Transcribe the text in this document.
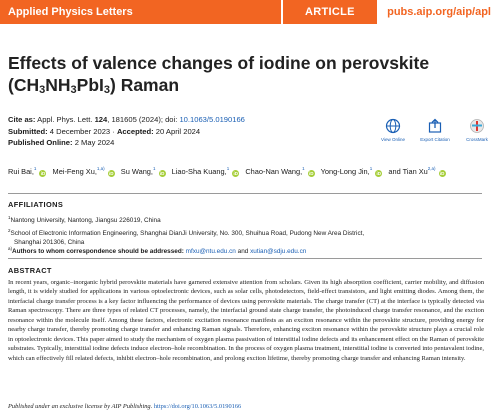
Applied Physics Letters	ARTICLE	pubs.aip.org/aip/apl
Effects of valence changes of iodine on perovskite
$(CH_3NH_3PbI_3)$ Raman
Cite as: Appl. Phys. Lett. 124, 181605 (2024); doi: 10.1063/5.0190166
Submitted: 4 December 2023 · Accepted: 20 April 2024
Published Online: 2 May 2024	View Online	Export Citation	CrossMark
Rui Bai,$^1$ iD Mei-Feng Xu,$^{1,a)}$ iD Su Wang,$^1$ iD Liao-Sha Kuang,$^1$ iD Chao-Nan Wang,$^1$ iD Yong-Long Jin,$^1$ iD and Tian Xu$^{2,a)}$ iD
AFFILIATIONS
$^1$Nantong University, Nantong, Jiangsu 226019, China
$^2$School of Electronic Information Engineering, Shanghai DianJi University, No. 300, Shuihua Road, Pudong New Area District,
Shanghai 201306, China
$^{a)}$Authors to whom correspondence should be addressed: mfxu@ntu.edu.cn and xutian@sdju.edu.cn
ABSTRACT

In recent years, organic–inorganic hybrid perovskite materials have garnered extensive attention from scholars. Given its high absorption coefficient, carrier mobility, and diffusion length, it is widely studied for applications in various optoelectronic devices, such as solar cells, photodetectors, field-effect transistors, and light emitting diodes. Among them, the interfacial charge transfer process is a key factor influencing the performance of devices using perovskite materials. The charge transfer (CT) at the interface is typically detected via Raman spectroscopy. There are three types of related CT processes, namely, the interfacial ground state charge transfer, the photoinduced charge transfer resonance, and the exciton resonance within the molecule itself. Among these factors, electronic excitation resonance manifests as an exciton resonance within the perovskite structure, providing energy for nearby charge transfer, thereby promoting charge transfer and enhancing Raman signals. Therefore, enhancing exciton resonance within the perovskite structure plays a crucial role in optoelectronic devices. This paper aimed to study the mechanism of oxygen plasma passivation of interstitial iodine defects and its enhancement effect on the Raman of perovskite substrates. Typically, interstitial iodine defects induce electron–hole recombination. In the process of oxygen plasma treatment, interstitial iodine is converted into pentavalent iodine, which can effectively fill related defects, inhibit electron–hole recombination, and prolong exciton lifetime, thereby promoting charge transfer and enhancing Raman intensity.

Published under an exclusive license by AIP Publishing. https://doi.org/10.1063/5.0190166
